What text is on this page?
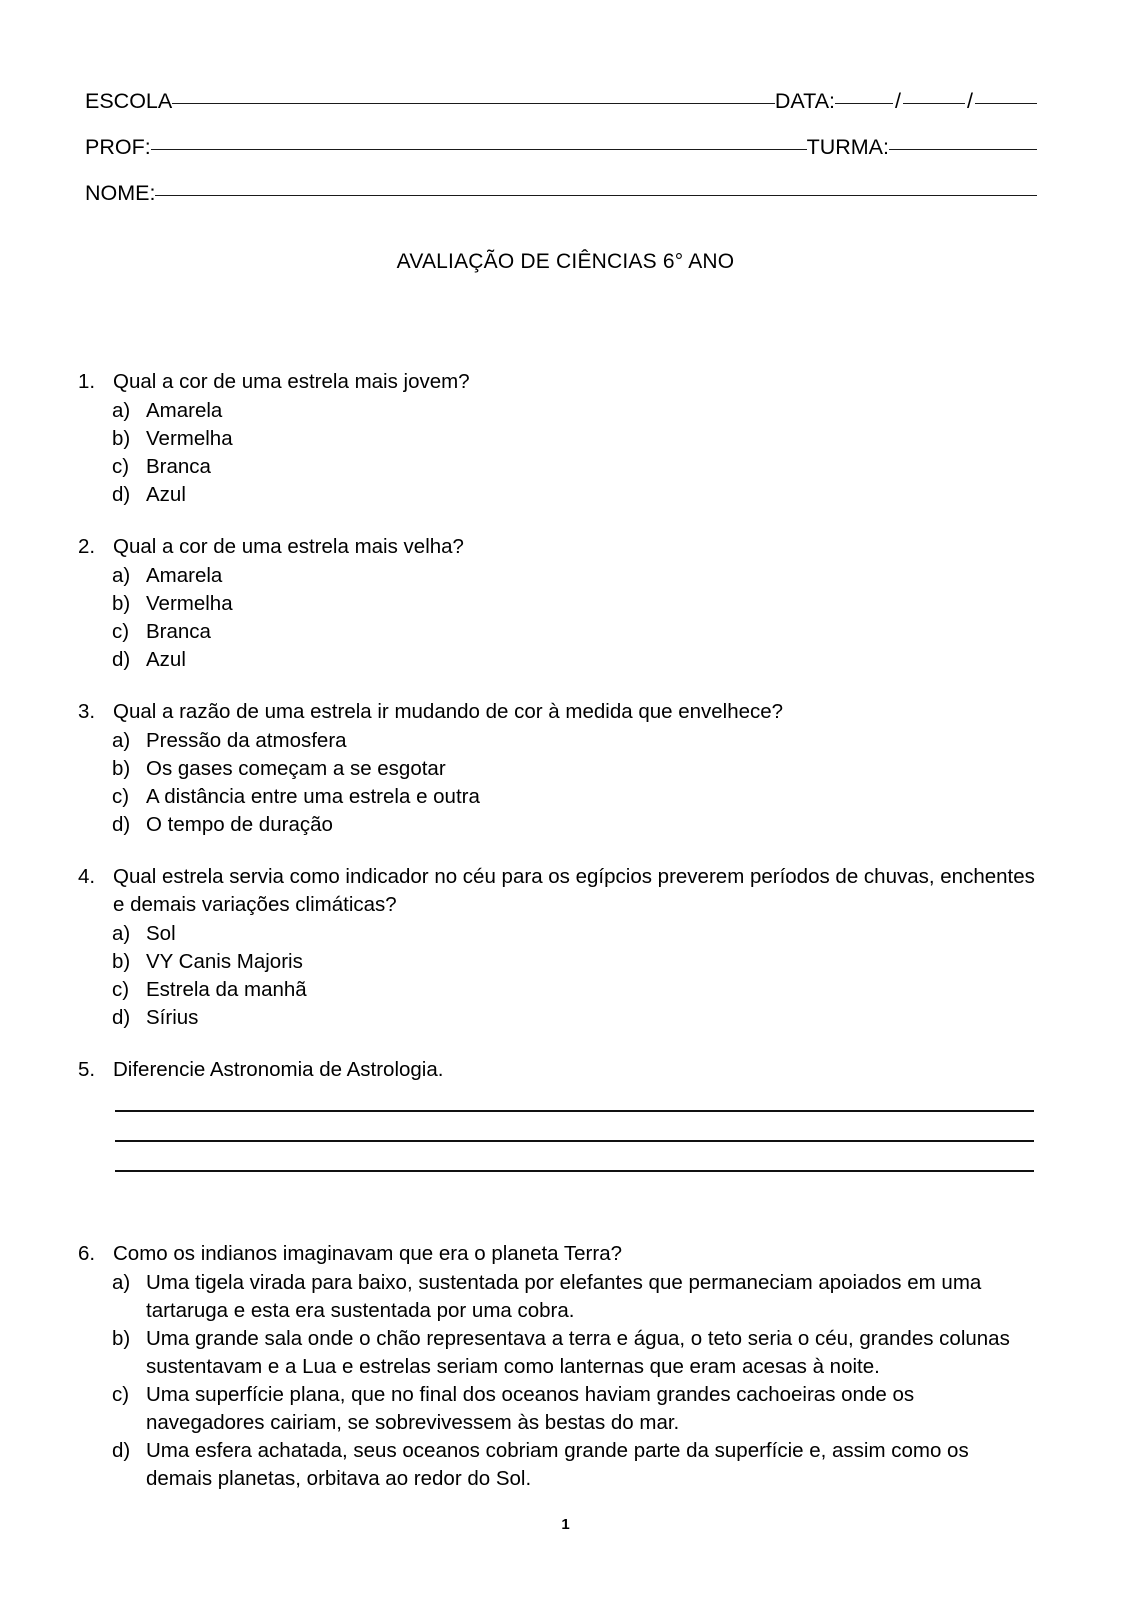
ESCOLA	DATA:	/	/
PROF:	TURMA:
NOME:
AVALIAÇÃO DE CIÊNCIAS 6° ANO
1. Qual a cor de uma estrela mais jovem?
a) Amarela
b) Vermelha
c) Branca
d) Azul
2. Qual a cor de uma estrela mais velha?
a) Amarela
b) Vermelha
c) Branca
d) Azul
3. Qual a razão de uma estrela ir mudando de cor à medida que envelhece?
a) Pressão da atmosfera
b) Os gases começam a se esgotar
c) A distância entre uma estrela e outra
d) O tempo de duração
4. Qual estrela servia como indicador no céu para os egípcios preverem períodos de chuvas, enchentes e demais variações climáticas?
a) Sol
b) VY Canis Majoris
c) Estrela da manhã
d) Sírius
5. Diferencie Astronomia de Astrologia.
6. Como os indianos imaginavam que era o planeta Terra?
a) Uma tigela virada para baixo, sustentada por elefantes que permaneciam apoiados em uma tartaruga e esta era sustentada por uma cobra.
b) Uma grande sala onde o chão representava a terra e água, o teto seria o céu, grandes colunas sustentavam e a Lua e estrelas seriam como lanternas que eram acesas à noite.
c) Uma superfície plana, que no final dos oceanos haviam grandes cachoeiras onde os navegadores cairiam, se sobrevivessem às bestas do mar.
d) Uma esfera achatada, seus oceanos cobriam grande parte da superfície e, assim como os demais planetas, orbitava ao redor do Sol.
1
